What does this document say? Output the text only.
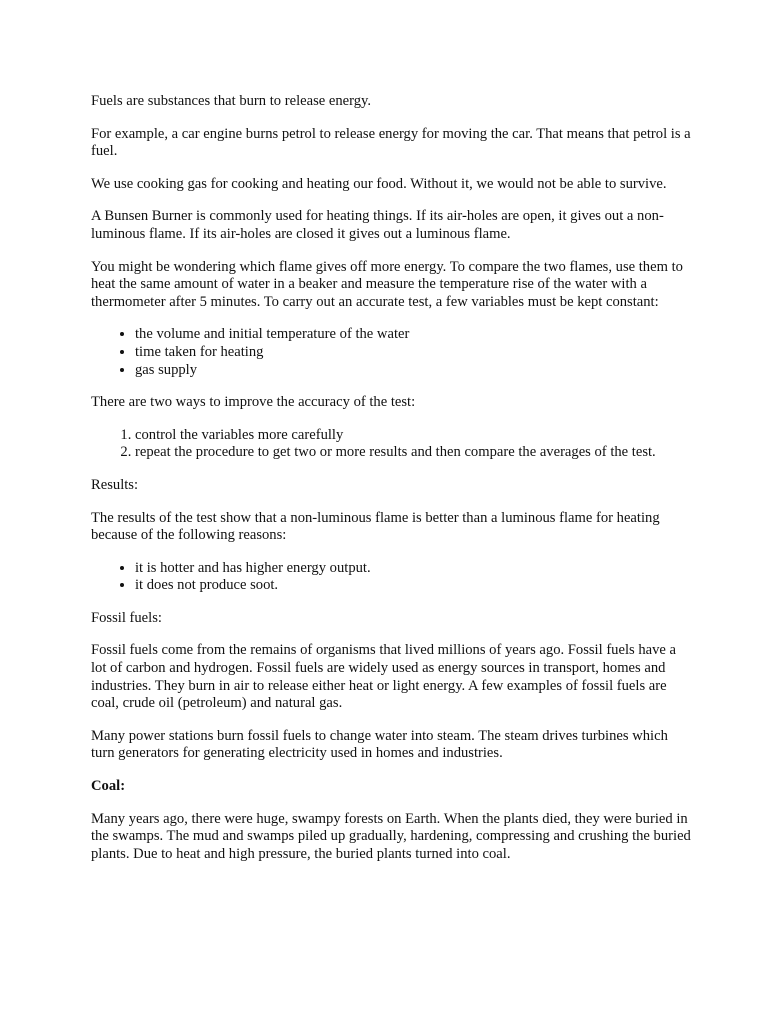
Fuels are substances that burn to release energy.

For example, a car engine burns petrol to release energy for moving the car. That means that petrol is a fuel.

We use cooking gas for cooking and heating our food. Without it, we would not be able to survive.

A Bunsen Burner is commonly used for heating things. If its air-holes are open, it gives out a non-luminous flame. If its air-holes are closed it gives out a luminous flame.

You might be wondering which flame gives off more energy. To compare the two flames, use them to heat the same amount of water in a beaker and measure the temperature rise of the water with a thermometer after 5 minutes. To carry out an accurate test, a few variables must be kept constant:

• the volume and initial temperature of the water
• time taken for heating
• gas supply

There are two ways to improve the accuracy of the test:

1. control the variables more carefully
2. repeat the procedure to get two or more results and then compare the averages of the test.

Results:

The results of the test show that a non-luminous flame is better than a luminous flame for heating because of the following reasons:

• it is hotter and has higher energy output.
• it does not produce soot.

Fossil fuels:

Fossil fuels come from the remains of organisms that lived millions of years ago. Fossil fuels have a lot of carbon and hydrogen. Fossil fuels are widely used as energy sources in transport, homes and industries. They burn in air to release either heat or light energy. A few examples of fossil fuels are coal, crude oil (petroleum) and natural gas.

Many power stations burn fossil fuels to change water into steam. The steam drives turbines which turn generators for generating electricity used in homes and industries.

Coal:

Many years ago, there were huge, swampy forests on Earth. When the plants died, they were buried in the swamps. The mud and swamps piled up gradually, hardening, compressing and crushing the buried plants. Due to heat and high pressure, the buried plants turned into coal.
